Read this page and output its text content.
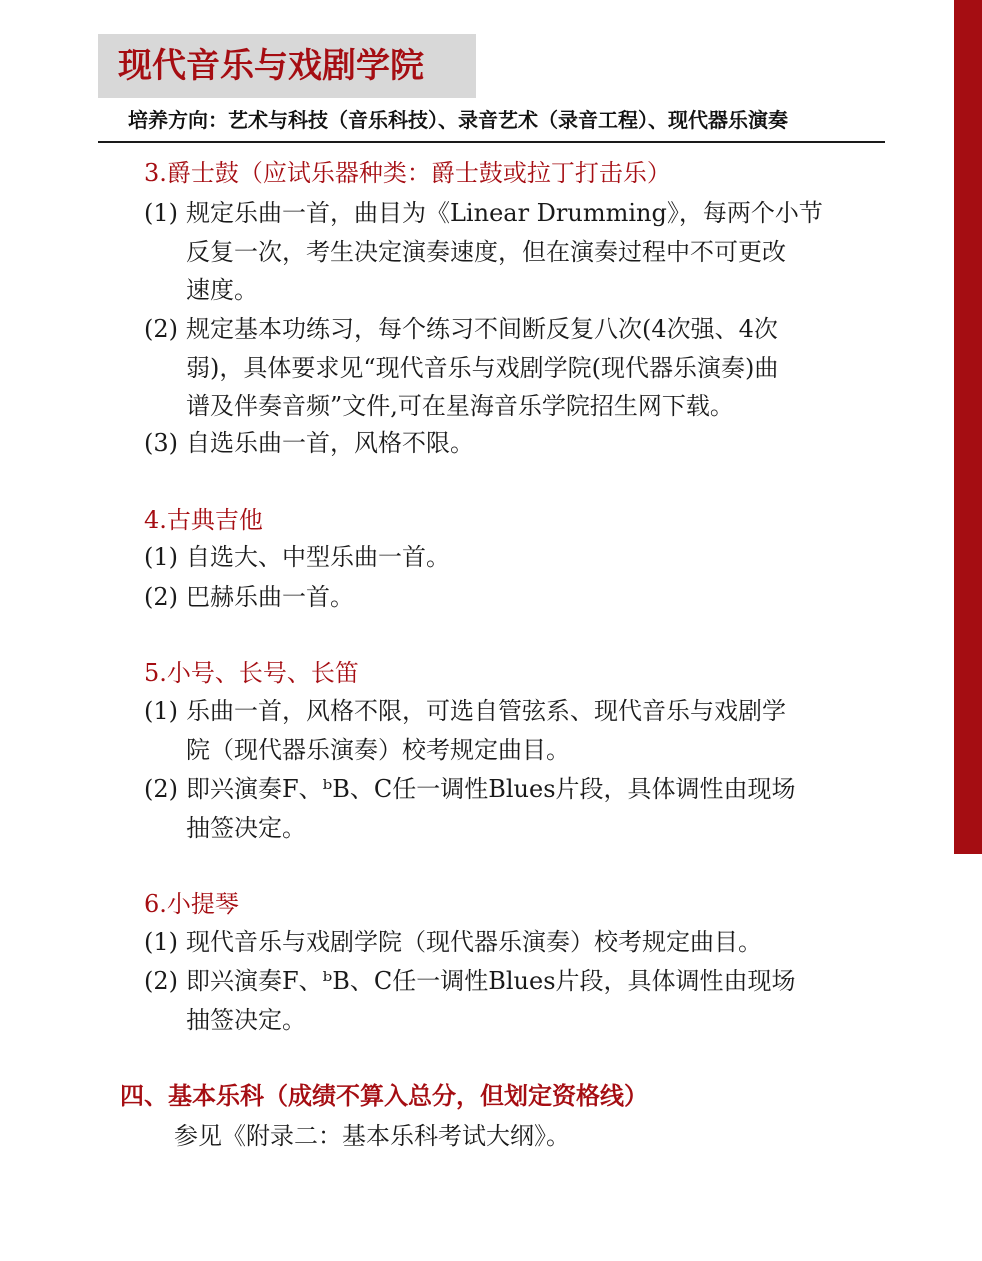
现代音乐与戏剧学院
培养方向：艺术与科技（音乐科技）、录音艺术（录音工程）、现代器乐演奏
3.爵士鼓（应试乐器种类：爵士鼓或拉丁打击乐）
(1) 规定乐曲一首，曲目为《Linear Drumming》，每两个小节
反复一次，考生决定演奏速度，但在演奏过程中不可更改
速度。
(2) 规定基本功练习，每个练习不间断反复八次(4次强、4次
弱)，具体要求见“现代音乐与戏剧学院(现代器乐演奏)曲
谱及伴奏音频”文件,可在星海音乐学院招生网下载。
(3) 自选乐曲一首，风格不限。
4.古典吉他
(1) 自选大、中型乐曲一首。
(2) 巴赫乐曲一首。
5.小号、长号、长笛
(1) 乐曲一首，风格不限，可选自管弦系、现代音乐与戏剧学
院（现代器乐演奏）校考规定曲目。
(2) 即兴演奏F、ᵇB、C任一调性Blues片段，具体调性由现场
抽签决定。
6.小提琴
(1) 现代音乐与戏剧学院（现代器乐演奏）校考规定曲目。
(2) 即兴演奏F、ᵇB、C任一调性Blues片段，具体调性由现场
抽签决定。
四、基本乐科（成绩不算入总分，但划定资格线）
参见《附录二：基本乐科考试大纲》。
